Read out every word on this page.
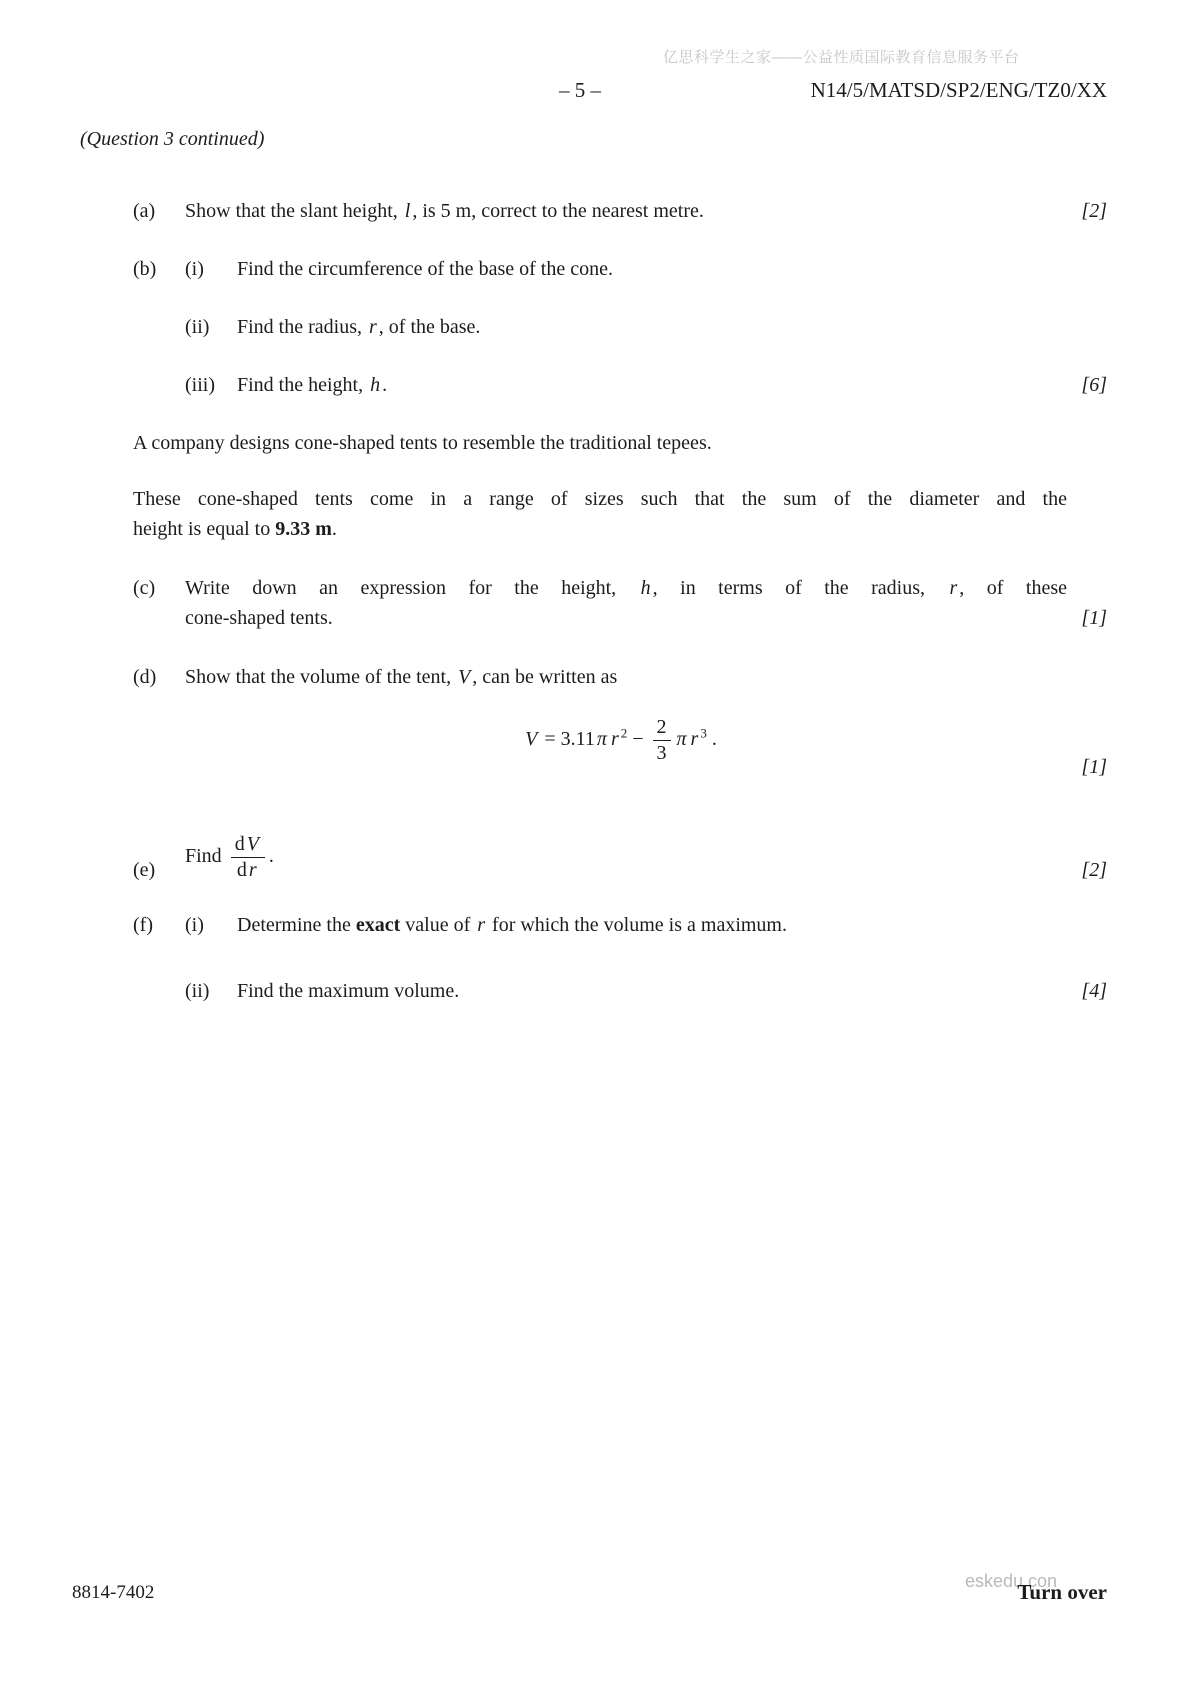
亿思科学生之家——公益性质国际教育信息服务平台
– 5 –	N14/5/MATSD/SP2/ENG/TZ0/XX
(Question 3 continued)
(a) Show that the slant height, l , is 5 m, correct to the nearest metre.	[2]
(b) (i) Find the circumference of the base of the cone.
(ii) Find the radius, r , of the base.
(iii) Find the height, h .	[6]
A company designs cone-shaped tents to resemble the traditional tepees.
These cone-shaped tents come in a range of sizes such that the sum of the diameter and the
height is equal to 9.33 m.
(c) Write down an expression for the height, h , in terms of the radius, r , of these
cone-shaped tents.	[1]
(d) Show that the volume of the tent, V , can be written as
V = 3.11 π r $^2 - \frac{2}{3}$ π r $^3$ .
[1]
(e)
Find $\frac{\text{d V}}{\text{d r}}$ .
[2]
(f) (i) Determine the exact value of r for which the volume is a maximum.
(ii) Find the maximum volume.	[4]
8814-7402
eskedu.con
Turn over
